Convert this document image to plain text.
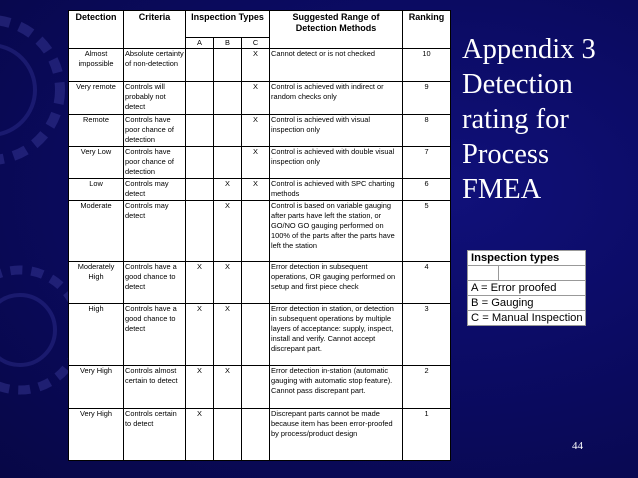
Detection	Criteria	Inspection Types			Suggested Range of Detection Methods	Ranking
		A	B	C		
Almost impossible	Absolute certainty of non-detection			X	Cannot detect or is not checked	10
Very remote	Controls will probably not detect			X	Control is achieved with indirect or random checks only	9
Remote	Controls have poor chance of detection			X	Control is achieved with visual inspection only	8
Very Low	Controls have poor chance of detection			X	Control is achieved with double visual inspection only	7
Low	Controls may detect		X	X	Control is achieved with SPC charting methods	6
Moderate	Controls may detect		X		Control is based on variable gauging after parts have left the station, or GO/NO GO gauging performed on 100% of the parts after the parts have left the station	5
Moderately High	Controls have a good chance to detect	X	X		Error detection in subsequent operations, OR gauging performed on setup and first piece check	4
High	Controls have a good chance to detect	X	X		Error detection in station, or detection in subsequent operations by multiple layers of acceptance: supply, inspect, install and verify. Cannot accept discrepant part.	3
Very High	Controls almost certain to detect	X	X		Error detection in-station (automatic gauging with automatic stop feature). Cannot pass discrepant part.	2
Very High	Controls certain to detect	X			Discrepant parts cannot be made because item has been error-proofed by process/product design	1
Appendix 3
Detection
rating for
Process
FMEA
Inspection types

A = Error proofed
B = Gauging
C = Manual Inspection
44
